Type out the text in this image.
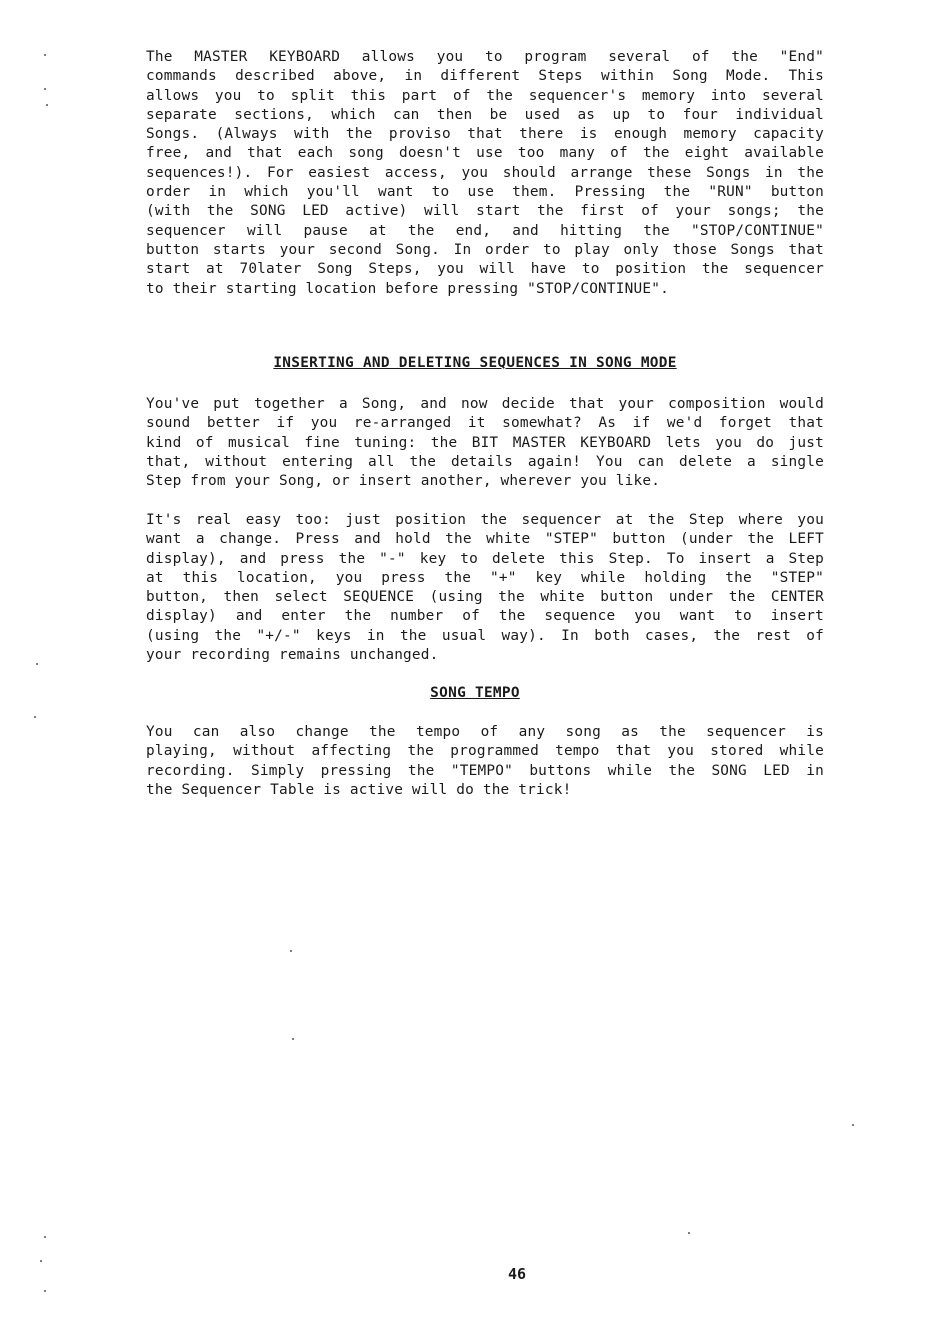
The MASTER KEYBOARD allows you to program several of the "End"
commands described above, in different Steps within Song Mode. This
allows you to split this part of the sequencer's memory into several
separate sections, which can then be used as up to four individual
Songs. (Always with the proviso that there is enough memory capacity
free, and that each song doesn't use too many of the eight available
sequences!). For easiest access, you should arrange these Songs in the
order in which you'll want to use them. Pressing the "RUN" button
(with the SONG LED active) will start the first of your songs; the
sequencer will pause at the end, and hitting the "STOP/CONTINUE"
button starts your second Song. In order to play only those Songs that
start at 70later Song Steps, you will have to position the sequencer
to their starting location before pressing "STOP/CONTINUE".
INSERTING AND DELETING SEQUENCES IN SONG MODE
You've put together a Song, and now decide that your composition would
sound better if you re-arranged it somewhat? As if we'd forget that
kind of musical fine tuning: the BIT MASTER KEYBOARD lets you do just
that, without entering all the details again! You can delete a single
Step from your Song, or insert another, wherever you like.
It's real easy too: just position the sequencer at the Step where you
want a change. Press and hold the white "STEP" button (under the LEFT
display), and press the "-" key to delete this Step. To insert a Step
at this location, you press the "+" key while holding the "STEP"
button, then select SEQUENCE (using the white button under the CENTER
display) and enter the number of the sequence you want to insert
(using the "+/-" keys in the usual way). In both cases, the rest of
your recording remains unchanged.
SONG TEMPO
You can also change the tempo of any song as the sequencer is
playing, without affecting the programmed tempo that you stored while
recording. Simply pressing the "TEMPO" buttons while the SONG LED in
the Sequencer Table is active will do the trick!
46
